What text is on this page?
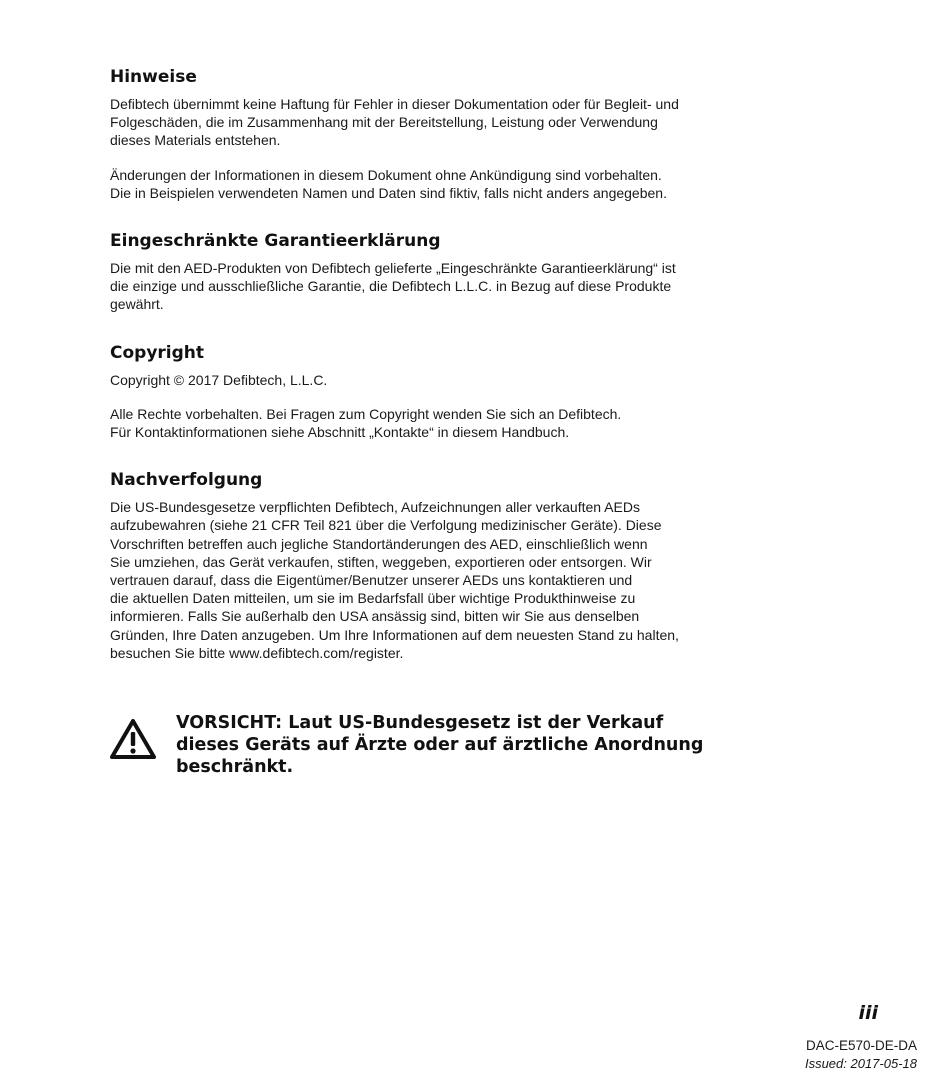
Hinweise

Defibtech übernimmt keine Haftung für Fehler in dieser Dokumentation oder für Begleit- und
Folgeschäden, die im Zusammenhang mit der Bereitstellung, Leistung oder Verwendung
dieses Materials entstehen.

Änderungen der Informationen in diesem Dokument ohne Ankündigung sind vorbehalten.
Die in Beispielen verwendeten Namen und Daten sind fiktiv, falls nicht anders angegeben.

Eingeschränkte Garantieerklärung

Die mit den AED-Produkten von Defibtech gelieferte „Eingeschränkte Garantieerklärung“ ist
die einzige und ausschließliche Garantie, die Defibtech L.L.C. in Bezug auf diese Produkte
gewährt.

Copyright

Copyright © 2017 Defibtech, L.L.C.

Alle Rechte vorbehalten. Bei Fragen zum Copyright wenden Sie sich an Defibtech.
Für Kontaktinformationen siehe Abschnitt „Kontakte“ in diesem Handbuch.

Nachverfolgung

Die US-Bundesgesetze verpflichten Defibtech, Aufzeichnungen aller verkauften AEDs
aufzubewahren (siehe 21 CFR Teil 821 über die Verfolgung medizinischer Geräte). Diese
Vorschriften betreffen auch jegliche Standortänderungen des AED, einschließlich wenn
Sie umziehen, das Gerät verkaufen, stiften, weggeben, exportieren oder entsorgen. Wir
vertrauen darauf, dass die Eigentümer/Benutzer unserer AEDs uns kontaktieren und
die aktuellen Daten mitteilen, um sie im Bedarfsfall über wichtige Produkthinweise zu
informieren. Falls Sie außerhalb den USA ansässig sind, bitten wir Sie aus denselben
Gründen, Ihre Daten anzugeben. Um Ihre Informationen auf dem neuesten Stand zu halten,
besuchen Sie bitte www.defibtech.com/register.

VORSICHT: Laut US-Bundesgesetz ist der Verkauf
dieses Geräts auf Ärzte oder auf ärztliche Anordnung
beschränkt.

iii
DAC-E570-DE-DA
Issued: 2017-05-18
